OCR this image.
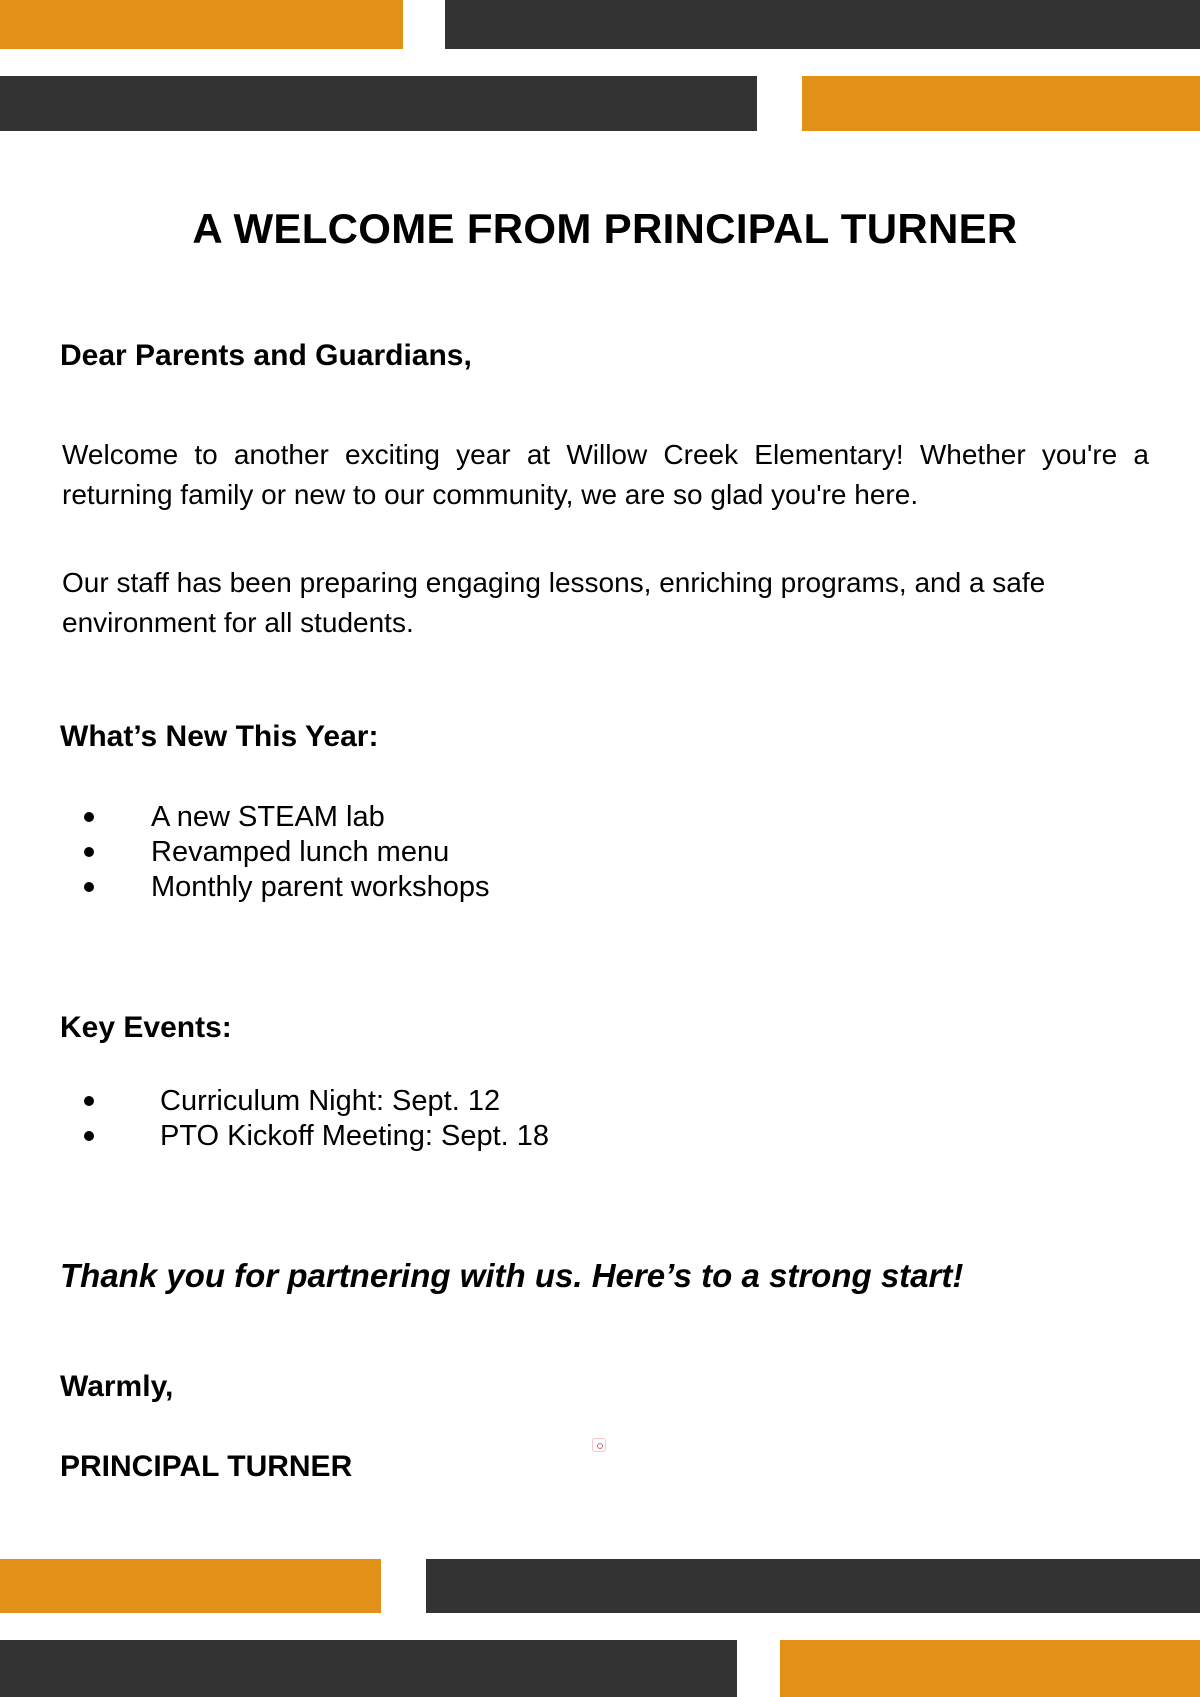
A WELCOME FROM PRINCIPAL TURNER

Dear Parents and Guardians,

Welcome to another exciting year at Willow Creek Elementary! Whether you're a returning family or new to our community, we are so glad you're here.

Our staff has been preparing engaging lessons, enriching programs, and a safe environment for all students.

What’s New This Year:

A new STEAM lab
Revamped lunch menu
Monthly parent workshops

Key Events:

Curriculum Night: Sept. 12
PTO Kickoff Meeting: Sept. 18

Thank you for partnering with us. Here’s to a strong start!

Warmly,

PRINCIPAL TURNER
